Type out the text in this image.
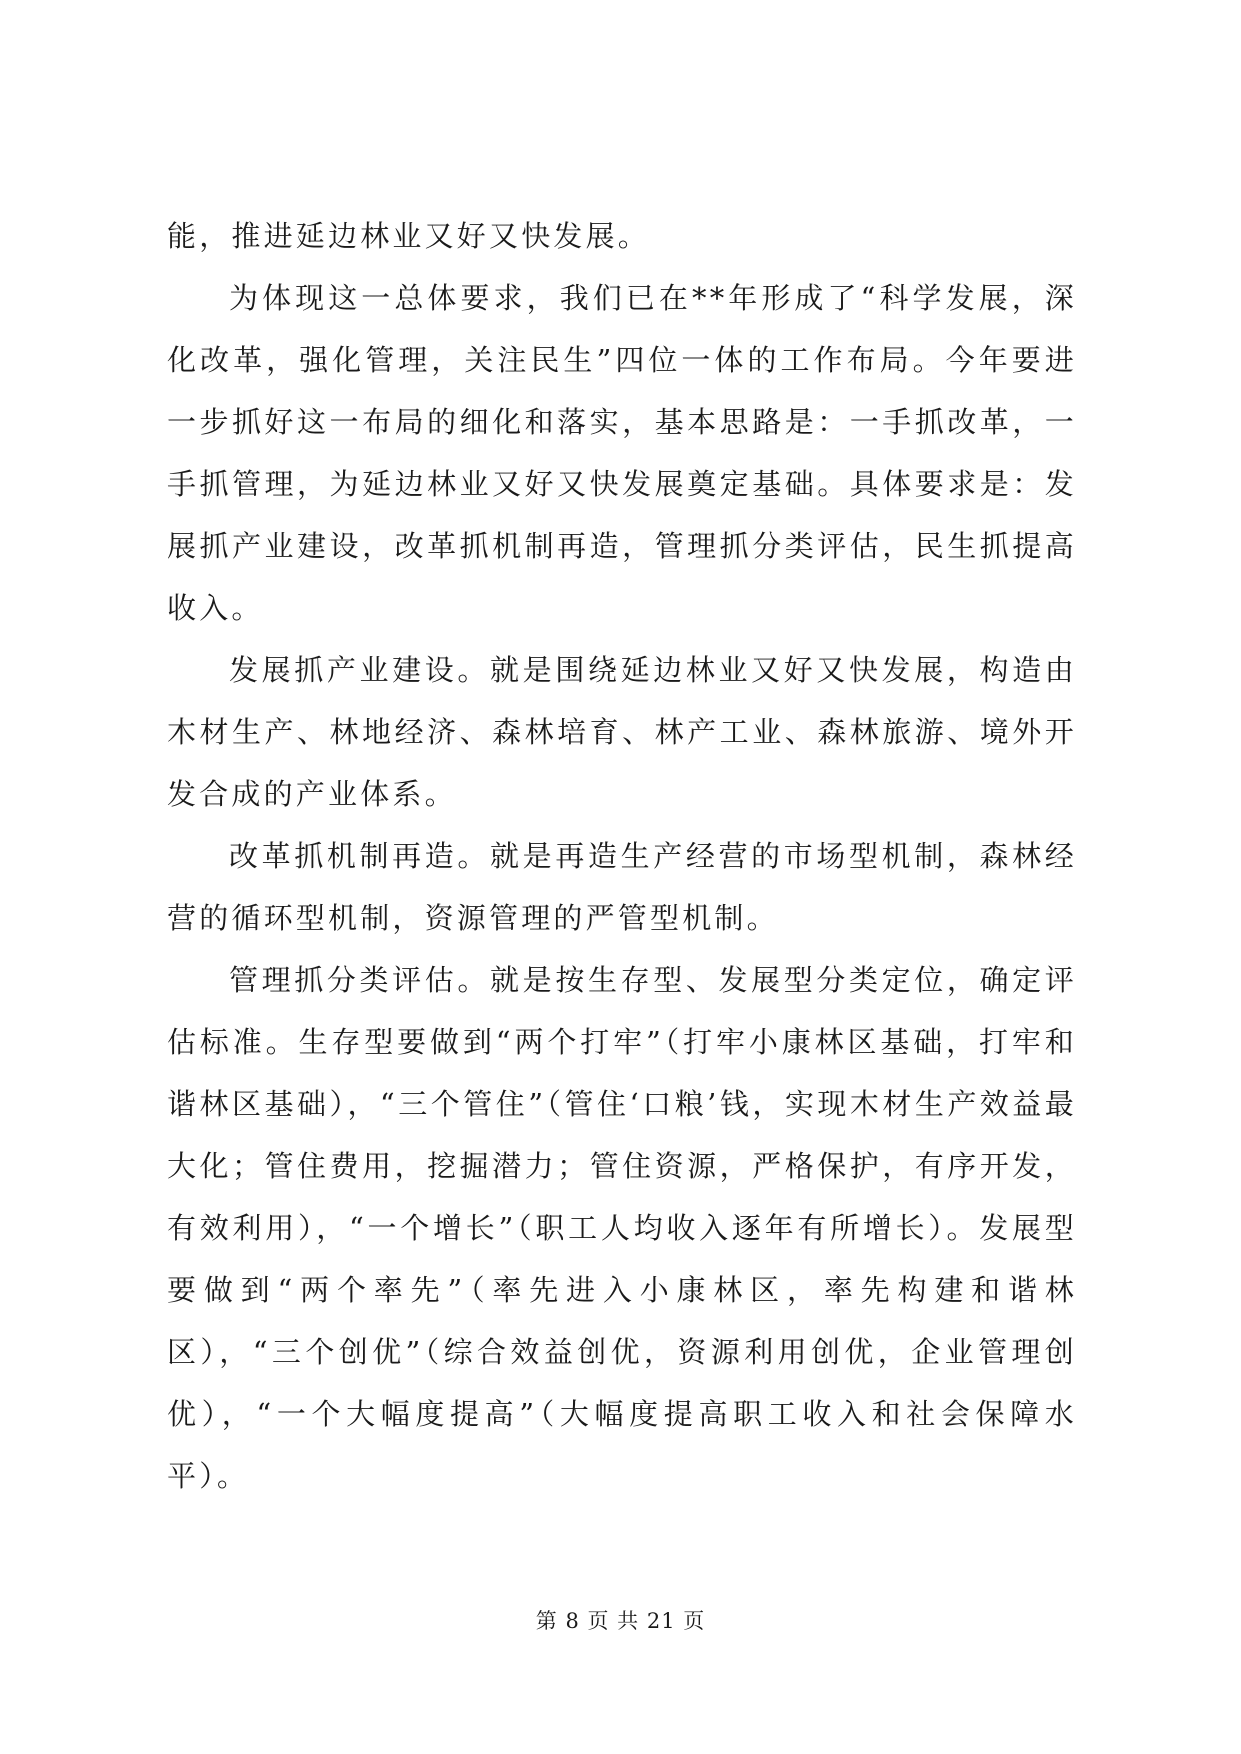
能，推进延边林业又好又快发展。

为体现这一总体要求，我们已在**年形成了“科学发展，深化改革，强化管理，关注民生”四位一体的工作布局。今年要进一步抓好这一布局的细化和落实，基本思路是：一手抓改革，一手抓管理，为延边林业又好又快发展奠定基础。具体要求是：发展抓产业建设，改革抓机制再造，管理抓分类评估，民生抓提高收入。

发展抓产业建设。就是围绕延边林业又好又快发展，构造由木材生产、林地经济、森林培育、林产工业、森林旅游、境外开发合成的产业体系。

改革抓机制再造。就是再造生产经营的市场型机制，森林经营的循环型机制，资源管理的严管型机制。

管理抓分类评估。就是按生存型、发展型分类定位，确定评估标准。生存型要做到“两个打牢”（打牢小康林区基础，打牢和谐林区基础），“三个管住”（管住‘口粮’钱，实现木材生产效益最大化；管住费用，挖掘潜力；管住资源，严格保护，有序开发，有效利用），“一个增长”（职工人均收入逐年有所增长）。发展型要做到“两个率先”（率先进入小康林区，率先构建和谐林区），“三个创优”（综合效益创优，资源利用创优，企业管理创优），“一个大幅度提高”（大幅度提高职工收入和社会保障水平）。

第 8 页 共 21 页
